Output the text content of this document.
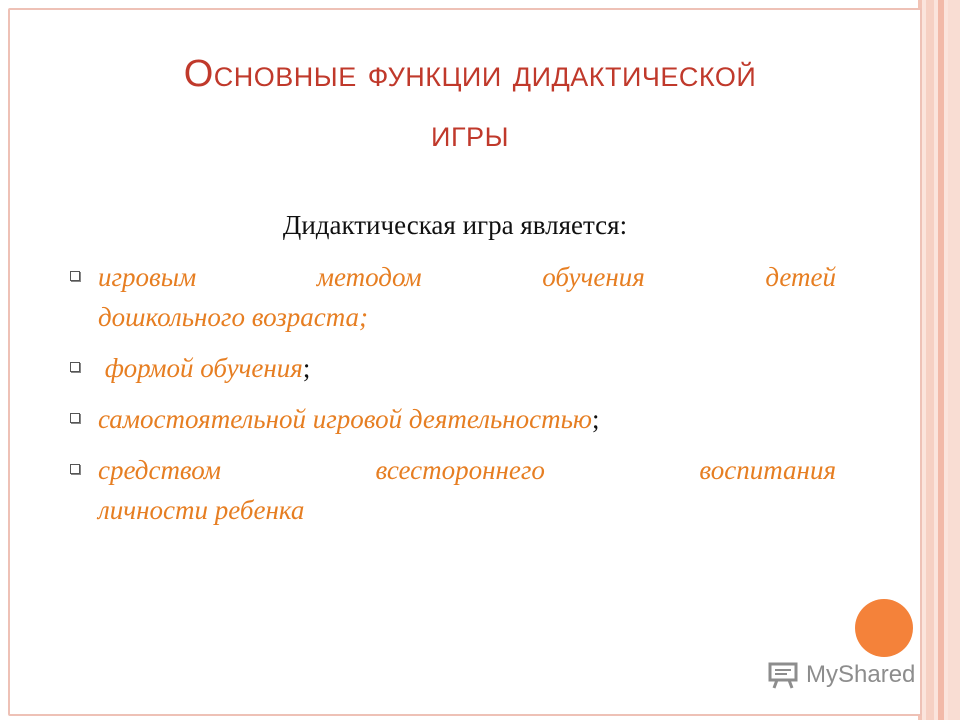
Основные функции дидактической
игры
Дидактическая игра является:
игровым	методом	обучения	детей
дошкольного возраста;
формой обучения ;
самостоятельной игровой деятельностью ;
средством	всестороннего	воспитания
личности ребенка
MyShared
